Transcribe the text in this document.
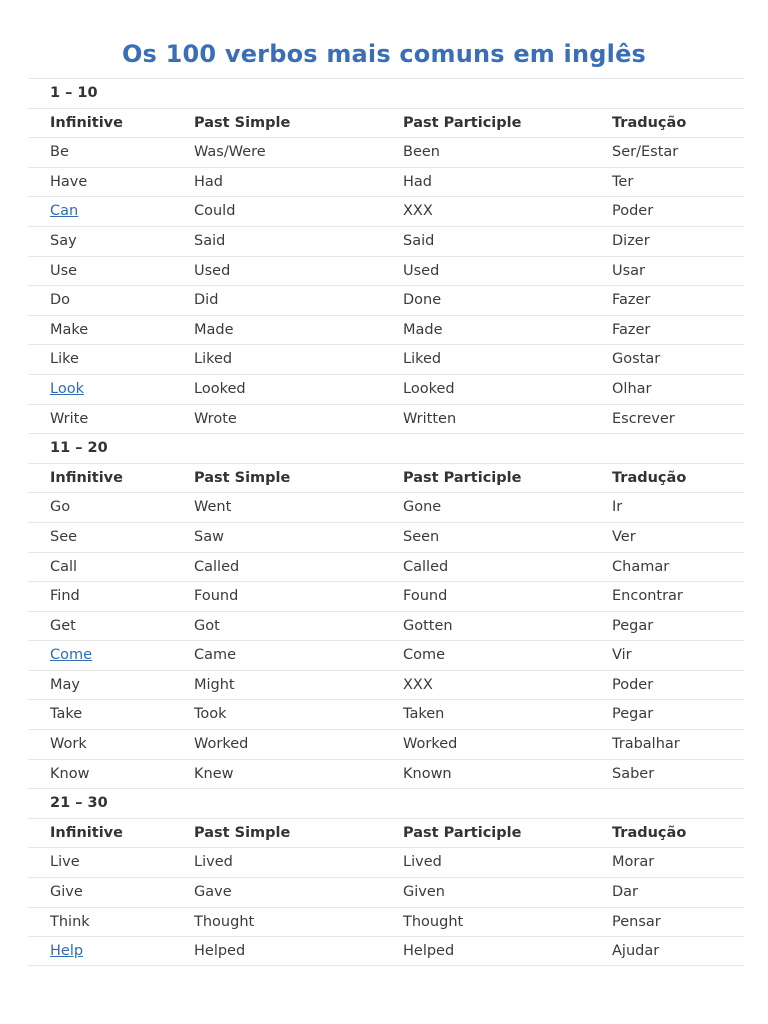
Os 100 verbos mais comuns em inglês
1 – 10
Infinitive	Past Simple	Past Participle	Tradução
Be	Was/Were	Been	Ser/Estar
Have	Had	Had	Ter
Can	Could	XXX	Poder
Say	Said	Said	Dizer
Use	Used	Used	Usar
Do	Did	Done	Fazer
Make	Made	Made	Fazer
Like	Liked	Liked	Gostar
Look	Looked	Looked	Olhar
Write	Wrote	Written	Escrever
11 – 20
Infinitive	Past Simple	Past Participle	Tradução
Go	Went	Gone	Ir
See	Saw	Seen	Ver
Call	Called	Called	Chamar
Find	Found	Found	Encontrar
Get	Got	Gotten	Pegar
Come	Came	Come	Vir
May	Might	XXX	Poder
Take	Took	Taken	Pegar
Work	Worked	Worked	Trabalhar
Know	Knew	Known	Saber
21 – 30
Infinitive	Past Simple	Past Participle	Tradução
Live	Lived	Lived	Morar
Give	Gave	Given	Dar
Think	Thought	Thought	Pensar
Help	Helped	Helped	Ajudar
